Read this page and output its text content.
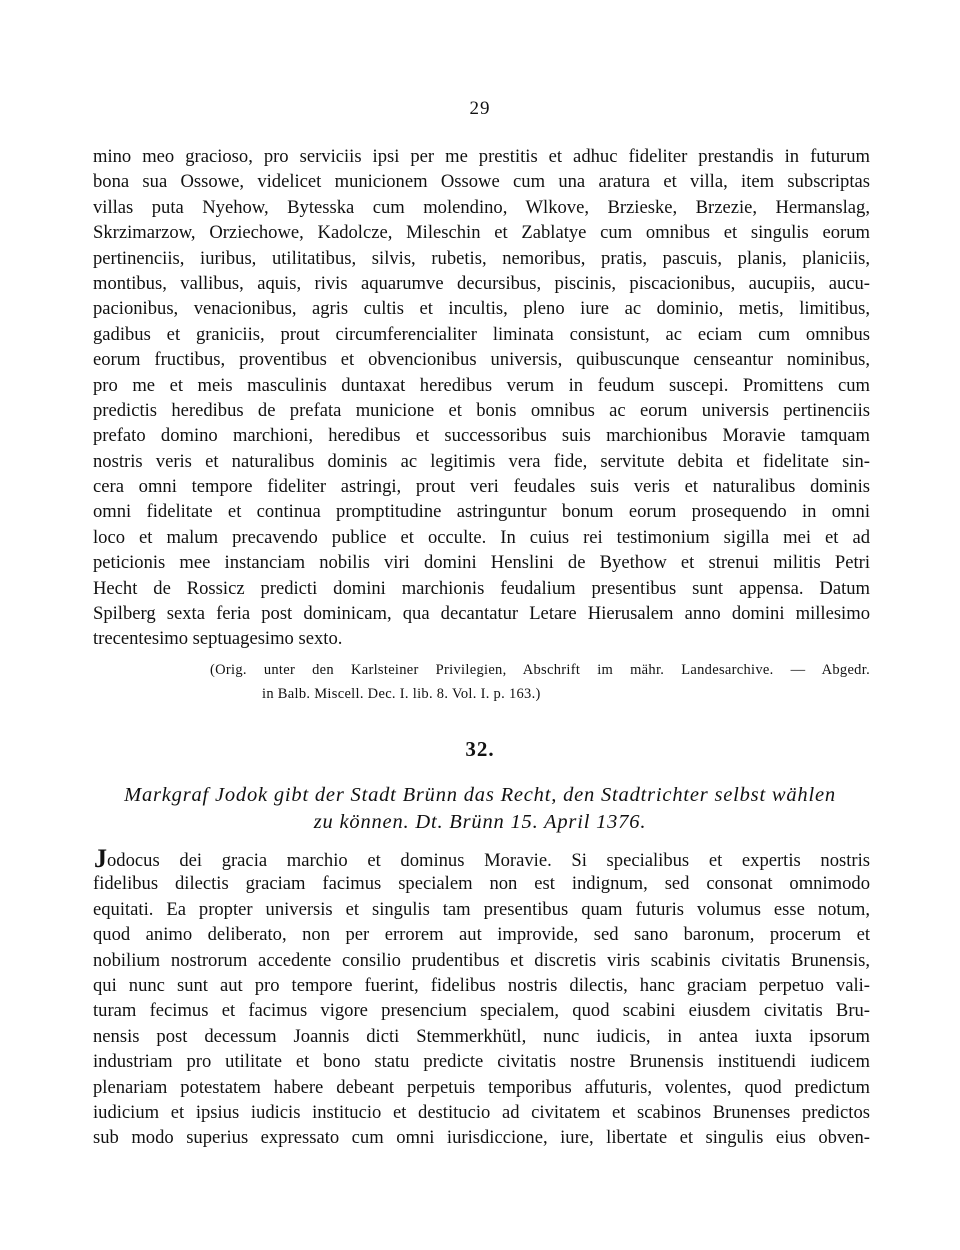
29
mino meo gracioso, pro serviciis ipsi per me prestitis et adhuc fideliter prestandis in futurum
bona sua Ossowe, videlicet municionem Ossowe cum una aratura et villa, item subscriptas
villas puta Nyehow, Bytesska cum molendino, Wlkove, Brzieske, Brzezie, Hermanslag,
Skrzimarzow, Orziechowe, Kadolcze, Mileschin et Zablatye cum omnibus et singulis eorum
pertinenciis, iuribus, utilitatibus, silvis, rubetis, nemoribus, pratis, pascuis, planis, planiciis,
montibus, vallibus, aquis, rivis aquarumve decursibus, piscinis, piscacionibus, aucupiis, aucu-
pacionibus, venacionibus, agris cultis et incultis, pleno iure ac dominio, metis, limitibus,
gadibus et graniciis, prout circumferencialiter liminata consistunt, ac eciam cum omnibus
eorum fructibus, proventibus et obvencionibus universis, quibuscunque censeantur nominibus,
pro me et meis masculinis duntaxat heredibus verum in feudum suscepi. Promittens cum
predictis heredibus de prefata municione et bonis omnibus ac eorum universis pertinenciis
prefato domino marchioni, heredibus et successoribus suis marchionibus Moravie tamquam
nostris veris et naturalibus dominis ac legitimis vera fide, servitute debita et fidelitate sin-
cera omni tempore fideliter astringi, prout veri feudales suis veris et naturalibus dominis
omni fidelitate et continua promptitudine astringuntur bonum eorum prosequendo in omni
loco et malum precavendo publice et occulte. In cuius rei testimonium sigilla mei et ad
peticionis mee instanciam nobilis viri domini Henslini de Byethow et strenui militis Petri
Hecht de Rossicz predicti domini marchionis feudalium presentibus sunt appensa. Datum
Spilberg sexta feria post dominicam, qua decantatur Letare Hierusalem anno domini millesimo
trecentesimo septuagesimo sexto.
(Orig. unter den Karlsteiner Privilegien, Abschrift im mähr. Landesarchive. — Abgedr.
in Balb. Miscell. Dec. I. lib. 8. Vol. I. p. 163.)
32.
Markgraf Jodok gibt der Stadt Brünn das Recht, den Stadtrichter selbst wählen
zu können. Dt. Brünn 15. April 1376.
Jodocus dei gracia marchio et dominus Moravie. Si specialibus et expertis nostris
fidelibus dilectis graciam facimus specialem non est indignum, sed consonat omnimodo
equitati. Ea propter universis et singulis tam presentibus quam futuris volumus esse notum,
quod animo deliberato, non per errorem aut improvide, sed sano baronum, procerum et
nobilium nostrorum accedente consilio prudentibus et discretis viris scabinis civitatis Brunensis,
qui nunc sunt aut pro tempore fuerint, fidelibus nostris dilectis, hanc graciam perpetuo vali-
turam fecimus et facimus vigore presencium specialem, quod scabini eiusdem civitatis Bru-
nensis post decessum Joannis dicti Stemmerkhütl, nunc iudicis, in antea iuxta ipsorum
industriam pro utilitate et bono statu predicte civitatis nostre Brunensis instituendi iudicem
plenariam potestatem habere debeant perpetuis temporibus affuturis, volentes, quod predictum
iudicium et ipsius iudicis institucio et destitucio ad civitatem et scabinos Brunenses predictos
sub modo superius expressato cum omni iurisdiccione, iure, libertate et singulis eius obven-
